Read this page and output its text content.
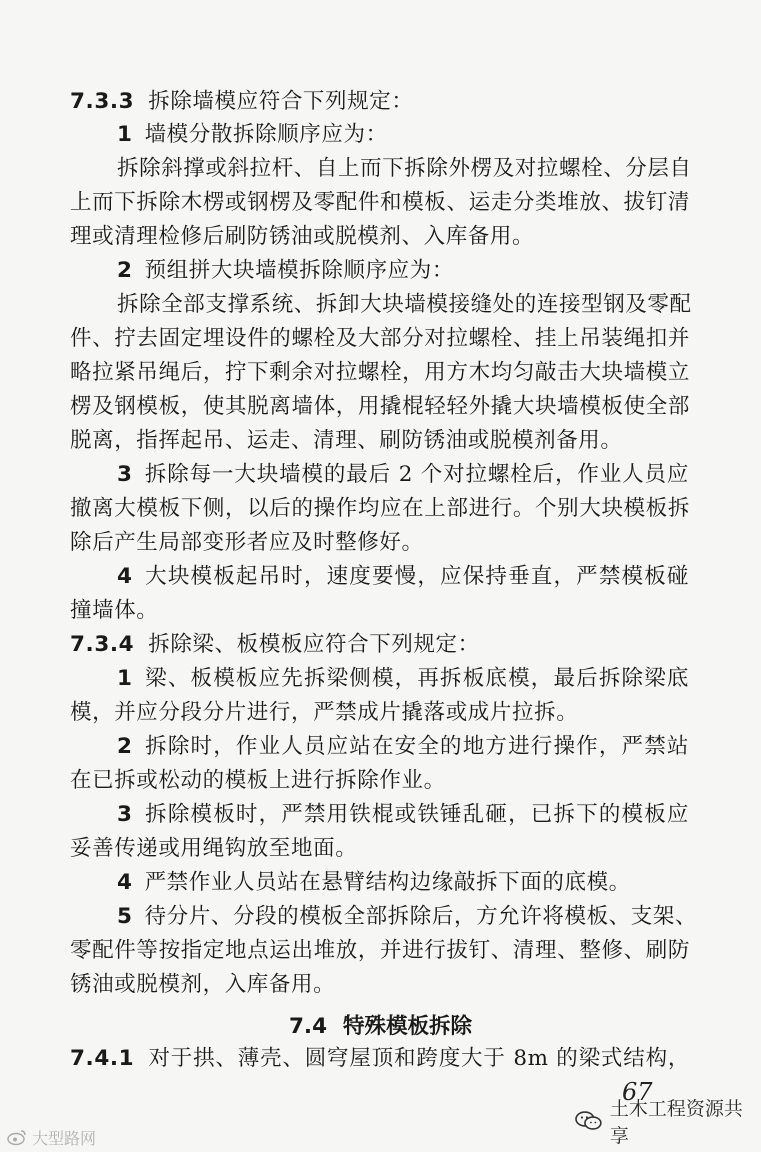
7.3.3 拆除墙模应符合下列规定：
1 墙模分散拆除顺序应为：
拆除斜撑或斜拉杆、自上而下拆除外楞及对拉螺栓、分层自
上而下拆除木楞或钢楞及零配件和模板、运走分类堆放、拔钉清
理或清理检修后刷防锈油或脱模剂、入库备用。
2 预组拼大块墙模拆除顺序应为：
拆除全部支撑系统、拆卸大块墙模接缝处的连接型钢及零配
件、拧去固定埋设件的螺栓及大部分对拉螺栓、挂上吊装绳扣并
略拉紧吊绳后，拧下剩余对拉螺栓，用方木均匀敲击大块墙模立
楞及钢模板，使其脱离墙体，用撬棍轻轻外撬大块墙模板使全部
脱离，指挥起吊、运走、清理、刷防锈油或脱模剂备用。
3 拆除每一大块墙模的最后 2 个对拉螺栓后，作业人员应
撤离大模板下侧，以后的操作均应在上部进行。个别大块模板拆
除后产生局部变形者应及时整修好。
4 大块模板起吊时，速度要慢，应保持垂直，严禁模板碰
撞墙体。
7.3.4 拆除梁、板模板应符合下列规定：
1 梁、板模板应先拆梁侧模，再拆板底模，最后拆除梁底
模，并应分段分片进行，严禁成片撬落或成片拉拆。
2 拆除时，作业人员应站在安全的地方进行操作，严禁站
在已拆或松动的模板上进行拆除作业。
3 拆除模板时，严禁用铁棍或铁锤乱砸，已拆下的模板应
妥善传递或用绳钩放至地面。
4 严禁作业人员站在悬臂结构边缘敲拆下面的底模。
5 待分片、分段的模板全部拆除后，方允许将模板、支架、
零配件等按指定地点运出堆放，并进行拔钉、清理、整修、刷防
锈油或脱模剂，入库备用。
7.4 特殊模板拆除
7.4.1 对于拱、薄壳、圆穹屋顶和跨度大于 8m 的梁式结构，
67
土木工程资源共享
大型路网
